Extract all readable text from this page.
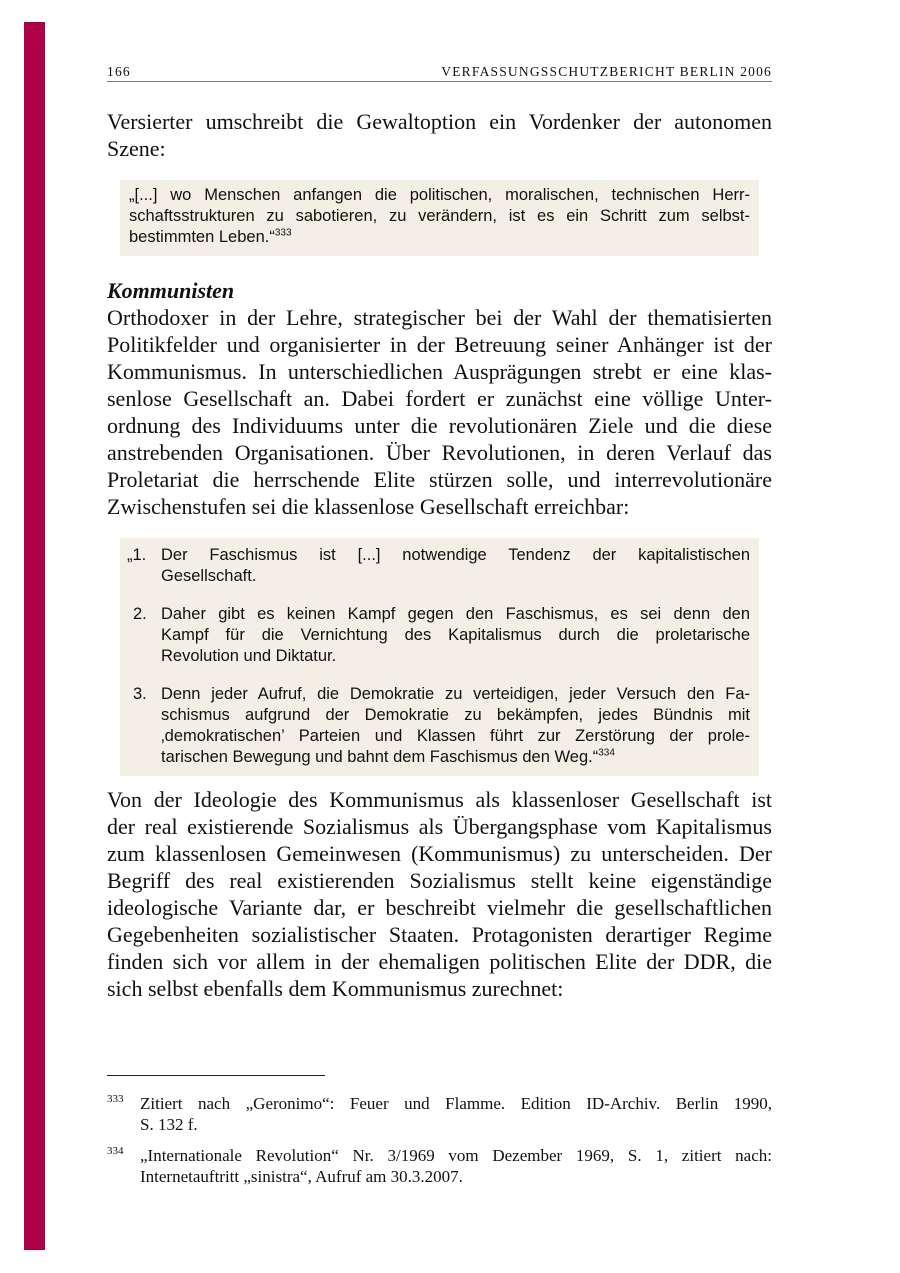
166	VERFASSUNGSSCHUTZBERICHT BERLIN 2006
Versierter umschreibt die Gewaltoption ein Vordenker der autonomen
Szene:
„[...] wo Menschen anfangen die politischen, moralischen, technischen Herr-
schaftsstrukturen zu sabotieren, zu verändern, ist es ein Schritt zum selbst-
bestimmten Leben.“$^{333}$
Kommunisten
Orthodoxer in der Lehre, strategischer bei der Wahl der thematisierten
Politikfelder und organisierter in der Betreuung seiner Anhänger ist der
Kommunismus. In unterschiedlichen Ausprägungen strebt er eine klas-
senlose Gesellschaft an. Dabei fordert er zunächst eine völlige Unter-
ordnung des Individuums unter die revolutionären Ziele und die diese
anstrebenden Organisationen. Über Revolutionen, in deren Verlauf das
Proletariat die herrschende Elite stürzen solle, und interrevolutionäre
Zwischenstufen sei die klassenlose Gesellschaft erreichbar:
„1. Der Faschismus ist [...] notwendige Tendenz der kapitalistischen
Gesellschaft.
2. Daher gibt es keinen Kampf gegen den Faschismus, es sei denn den
Kampf für die Vernichtung des Kapitalismus durch die proletarische
Revolution und Diktatur.
3. Denn jeder Aufruf, die Demokratie zu verteidigen, jeder Versuch den Fa-
schismus aufgrund der Demokratie zu bekämpfen, jedes Bündnis mit
‚demokratischen’ Parteien und Klassen führt zur Zerstörung der prole-
tarischen Bewegung und bahnt dem Faschismus den Weg.“$^{334}$
Von der Ideologie des Kommunismus als klassenloser Gesellschaft ist
der real existierende Sozialismus als Übergangsphase vom Kapitalismus
zum klassenlosen Gemeinwesen (Kommunismus) zu unterscheiden. Der
Begriff des real existierenden Sozialismus stellt keine eigenständige
ideologische Variante dar, er beschreibt vielmehr die gesellschaftlichen
Gegebenheiten sozialistischer Staaten. Protagonisten derartiger Regime
finden sich vor allem in der ehemaligen politischen Elite der DDR, die
sich selbst ebenfalls dem Kommunismus zurechnet:
333 Zitiert nach „Geronimo“: Feuer und Flamme. Edition ID-Archiv. Berlin 1990,
S. 132 f.
334 „Internationale Revolution“ Nr. 3/1969 vom Dezember 1969, S. 1, zitiert nach:
Internetauftritt „sinistra“, Aufruf am 30.3.2007.
